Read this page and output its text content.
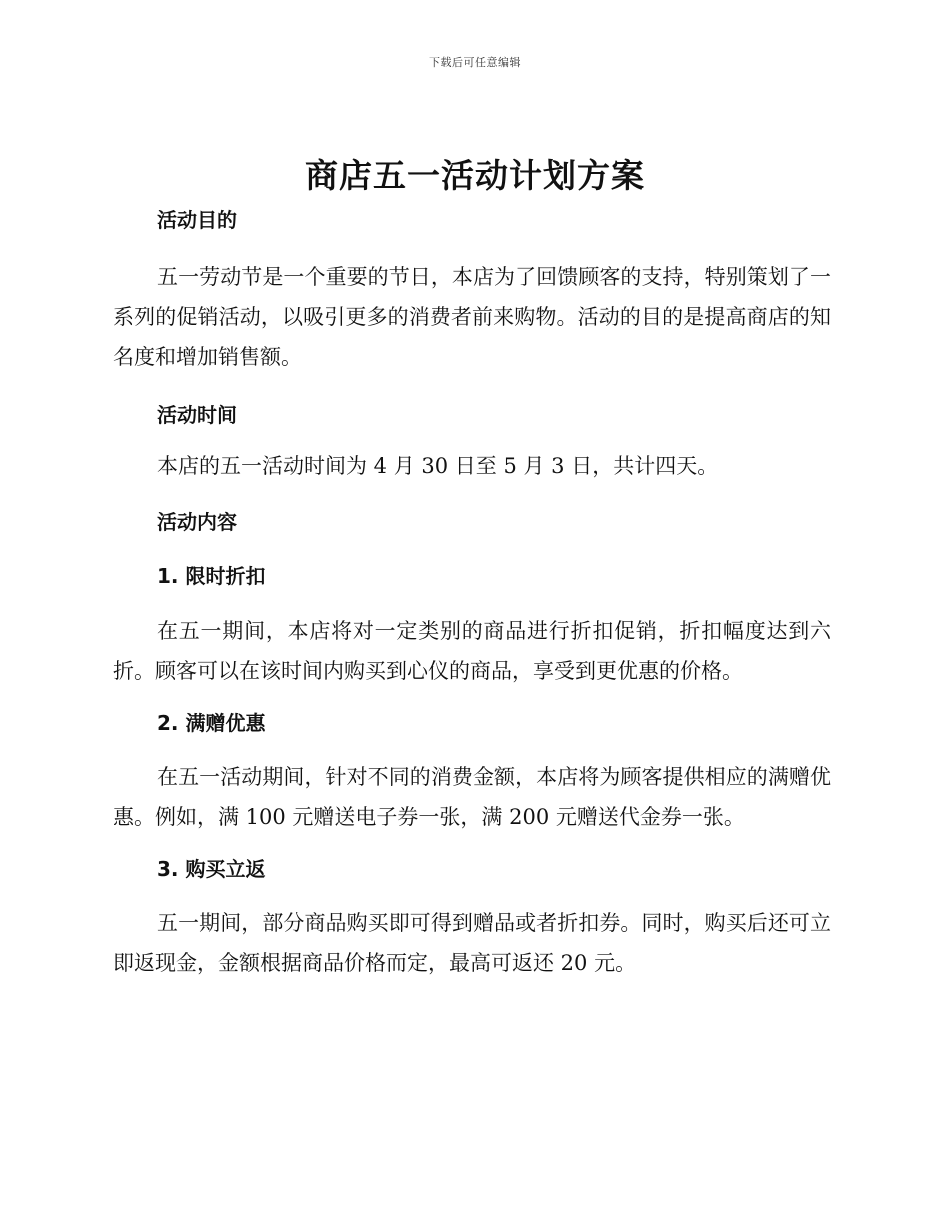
下载后可任意编辑
商店五一活动计划方案
活动目的

五一劳动节是一个重要的节日，本店为了回馈顾客的支持，特别策划了一系列的促销活动，以吸引更多的消费者前来购物。活动的目的是提高商店的知名度和增加销售额。

活动时间

本店的五一活动时间为 4 月 30 日至 5 月 3 日，共计四天。

活动内容
1. 限时折扣

在五一期间，本店将对一定类别的商品进行折扣促销，折扣幅度达到六折。顾客可以在该时间内购买到心仪的商品，享受到更优惠的价格。

2. 满赠优惠

在五一活动期间，针对不同的消费金额，本店将为顾客提供相应的满赠优惠。例如，满 100 元赠送电子券一张，满 200 元赠送代金券一张。

3. 购买立返

五一期间，部分商品购买即可得到赠品或者折扣券。同时，购买后还可立即返现金，金额根据商品价格而定，最高可返还 20 元。
